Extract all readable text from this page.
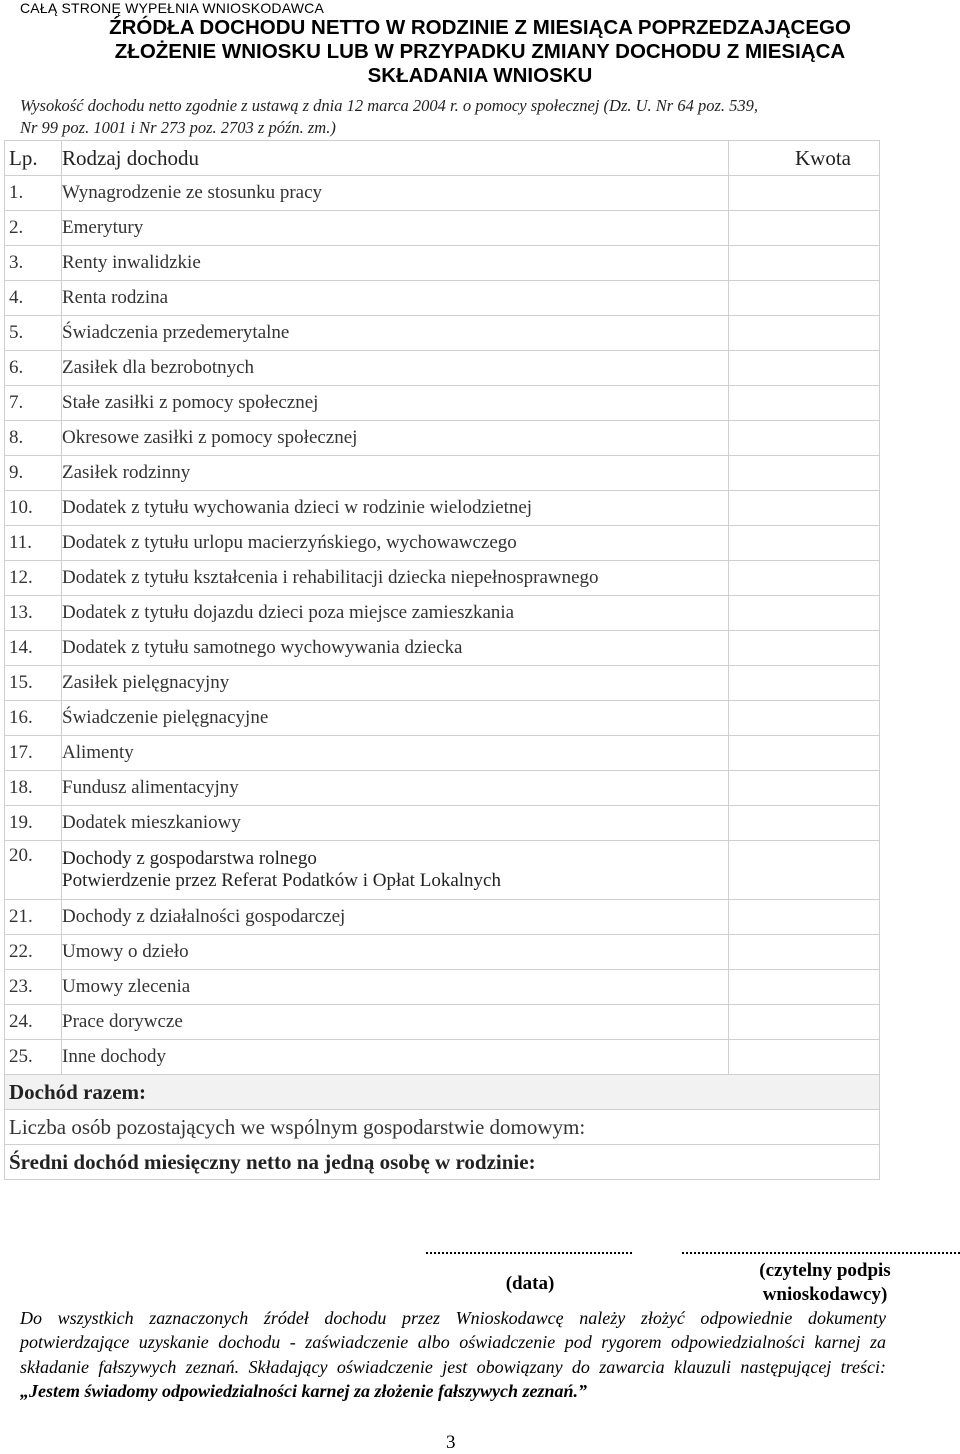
CAŁĄ STRONĘ WYPEŁNIA WNIOSKODAWCA
ŹRÓDŁA DOCHODU NETTO W RODZINIE Z MIESIĄCA POPRZEDZAJĄCEGO
ZŁOŻENIE WNIOSKU LUB W PRZYPADKU ZMIANY DOCHODU Z MIESIĄCA
SKŁADANIA WNIOSKU
Wysokość dochodu netto zgodnie z ustawą z dnia 12 marca 2004 r. o pomocy społecznej (Dz. U. Nr 64 poz. 539,
Nr 99 poz. 1001 i Nr 273 poz. 2703 z późn. zm.)
Lp.	Rodzaj dochodu	Kwota
1.	Wynagrodzenie ze stosunku pracy	
2.	Emerytury	
3.	Renty inwalidzkie	
4.	Renta rodzina	
5.	Świadczenia przedemerytalne	
6.	Zasiłek dla bezrobotnych	
7.	Stałe zasiłki z pomocy społecznej	
8.	Okresowe zasiłki z pomocy społecznej	
9.	Zasiłek rodzinny	
10.	Dodatek z tytułu wychowania dzieci w rodzinie wielodzietnej	
11.	Dodatek z tytułu urlopu macierzyńskiego, wychowawczego	
12.	Dodatek z tytułu kształcenia i rehabilitacji dziecka niepełnosprawnego	
13.	Dodatek z tytułu dojazdu dzieci poza miejsce zamieszkania	
14.	Dodatek z tytułu samotnego wychowywania dziecka	
15.	Zasiłek pielęgnacyjny	
16.	Świadczenie pielęgnacyjne	
17.	Alimenty	
18.	Fundusz alimentacyjny	
19.	Dodatek mieszkaniowy	
20.	Dochody z gospodarstwa rolnego
Potwierdzenie przez Referat Podatków i Opłat Lokalnych	

21.	Dochody z działalności gospodarczej	
22.	Umowy o dzieło	
23.	Umowy zlecenia	
24.	Prace dorywcze	
25.	Inne dochody	
Dochód razem:		
Liczba osób pozostających we wspólnym gospodarstwie domowym:		
Średni dochód miesięczny netto na jedną osobę w rodzinie:		
(data)
(czytelny podpis
wnioskodawcy)
Do wszystkich zaznaczonych źródeł dochodu przez Wnioskodawcę należy złożyć odpowiednie dokumenty potwierdzające uzyskanie dochodu - zaświadczenie albo oświadczenie pod rygorem odpowiedzialności karnej za składanie fałszywych zeznań. Składający oświadczenie jest obowiązany do zawarcia klauzuli następującej treści: „Jestem świadomy odpowiedzialności karnej za złożenie fałszywych zeznań.”
3
